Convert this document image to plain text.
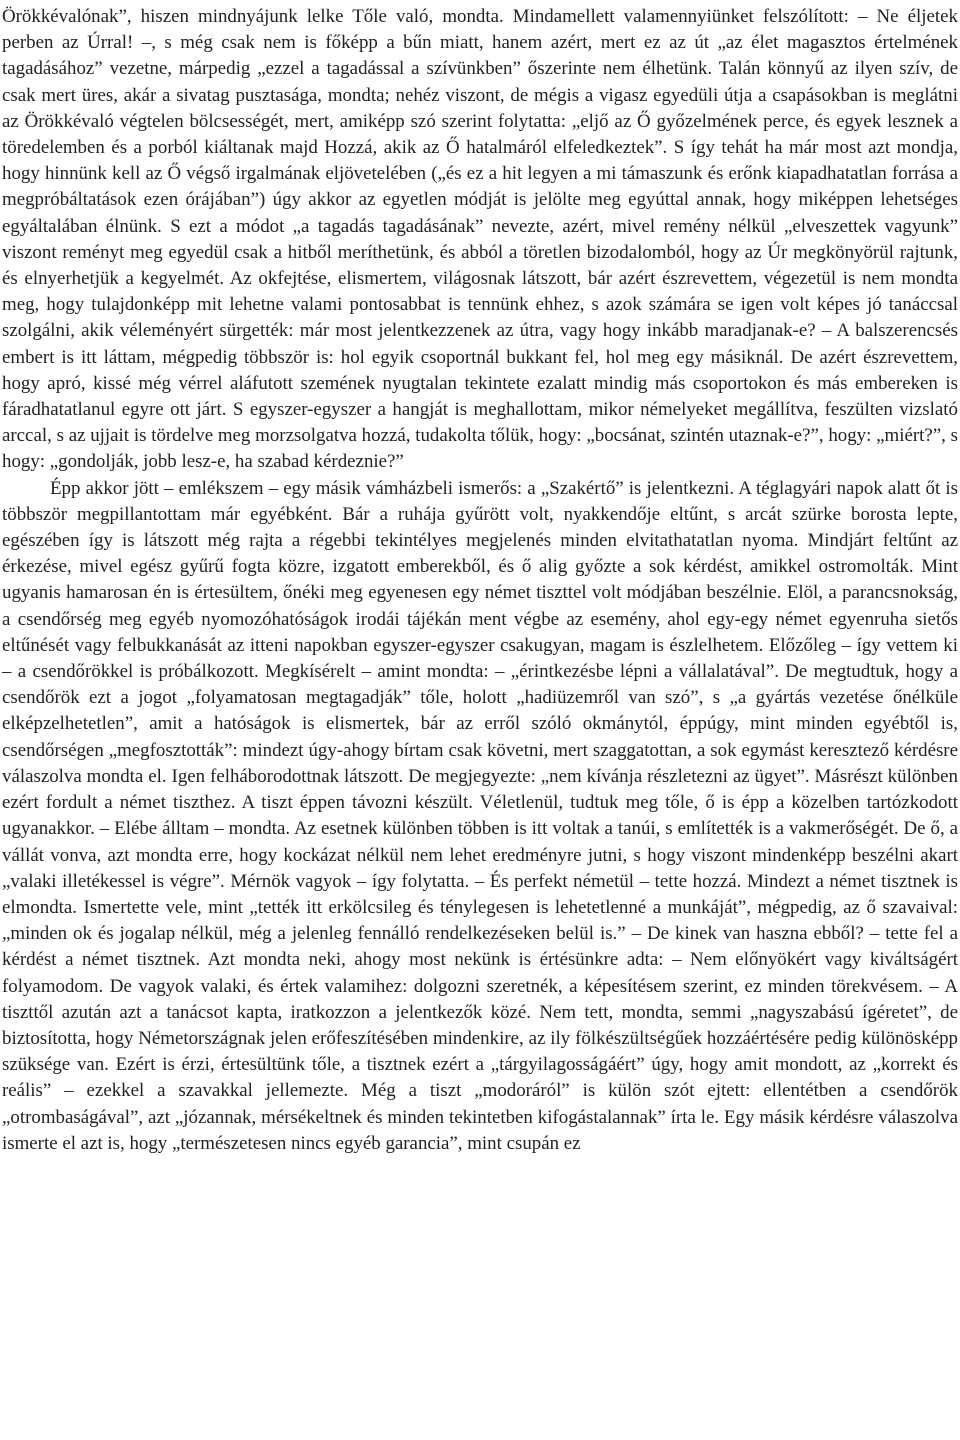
Örökkévalónak”, hiszen mindnyájunk lelke Tőle való, mondta. Mindamellett valamennyiünket felszólított: – Ne éljetek perben az Úrral! –, s még csak nem is főképp a bűn miatt, hanem azért, mert ez az út „az élet magasztos értelmének tagadásához” vezetne, márpedig „ezzel a tagadással a szívünkben” őszerinte nem élhetünk. Talán könnyű az ilyen szív, de csak mert üres, akár a sivatag pusztasága, mondta; nehéz viszont, de mégis a vigasz egyedüli útja a csapásokban is meglátni az Örökkévaló végtelen bölcsességét, mert, amiképp szó szerint folytatta: „eljő az Ő győzelmének perce, és egyek lesznek a töredelemben és a porból kiáltanak majd Hozzá, akik az Ő hatalmáról elfeledkeztek”. S így tehát ha már most azt mondja, hogy hinnünk kell az Ő végső irgalmának eljövetelében („és ez a hit legyen a mi támaszunk és erőnk kiapadhatatlan forrása a megpróbáltatások ezen órájában”) úgy akkor az egyetlen módját is jelölte meg egyúttal annak, hogy miképpen lehetséges egyáltalában élnünk. S ezt a módot „a tagadás tagadásának” nevezte, azért, mivel remény nélkül „elveszettek vagyunk” viszont reményt meg egyedül csak a hitből meríthetünk, és abból a töretlen bizodalomból, hogy az Úr megkönyörül rajtunk, és elnyerhetjük a kegyelmét. Az okfejtése, elismertem, világosnak látszott, bár azért észrevettem, végezetül is nem mondta meg, hogy tulajdonképp mit lehetne valami pontosabbat is tennünk ehhez, s azok számára se igen volt képes jó tanáccsal szolgálni, akik véleményért sürgették: már most jelentkezzenek az útra, vagy hogy inkább maradjanak-e? – A balszerencsés embert is itt láttam, mégpedig többször is: hol egyik csoportnál bukkant fel, hol meg egy másiknál. De azért észrevettem, hogy apró, kissé még vérrel aláfutott szemének nyugtalan tekintete ezalatt mindig más csoportokon és más embereken is fáradhatatlanul egyre ott járt. S egyszer-egyszer a hangját is meghallottam, mikor némelyeket megállítva, feszülten vizslató arccal, s az ujjait is tördelve meg morzsolgatva hozzá, tudakolta tőlük, hogy: „bocsánat, szintén utaznak-e?”, hogy: „miért?”, s hogy: „gondolják, jobb lesz-e, ha szabad kérdeznie?”

Épp akkor jött – emlékszem – egy másik vámházbeli ismerős: a „Szakértő” is jelentkezni. A téglagyári napok alatt őt is többször megpillantottam már egyébként. Bár a ruhája gyűrött volt, nyakkendője eltűnt, s arcát szürke borosta lepte, egészében így is látszott még rajta a régebbi tekintélyes megjelenés minden elvitathatatlan nyoma. Mindjárt feltűnt az érkezése, mivel egész gyűrű fogta közre, izgatott emberekből, és ő alig győzte a sok kérdést, amikkel ostromolták. Mint ugyanis hamarosan én is értesültem, őnéki meg egyenesen egy német tiszttel volt módjában beszélnie. Elöl, a parancsnokság, a csendőrség meg egyéb nyomozóhatóságok irodái tájékán ment végbe az esemény, ahol egy-egy német egyenruha sietős eltűnését vagy felbukkanását az itteni napokban egyszer-egyszer csakugyan, magam is észlelhetem. Előzőleg – így vettem ki – a csendőrökkel is próbálkozott. Megkísérelt – amint mondta: – „érintkezésbe lépni a vállalatával”. De megtudtuk, hogy a csendőrök ezt a jogot „folyamatosan megtagadják” tőle, holott „hadiüzemről van szó”, s „a gyártás vezetése őnélküle elképzelhetetlen”, amit a hatóságok is elismertek, bár az erről szóló okmánytól, éppúgy, mint minden egyébtől is, csendőrségen „megfosztották”: mindezt úgy-ahogy bírtam csak követni, mert szaggatottan, a sok egymást keresztező kérdésre válaszolva mondta el. Igen felháborodottnak látszott. De megjegyezte: „nem kívánja részletezni az ügyet”. Másrészt különben ezért fordult a német tiszthez. A tiszt éppen távozni készült. Véletlenül, tudtuk meg tőle, ő is épp a közelben tartózkodott ugyanakkor. – Elébe álltam – mondta. Az esetnek különben többen is itt voltak a tanúi, s említették is a vakmerőségét. De ő, a vállát vonva, azt mondta erre, hogy kockázat nélkül nem lehet eredményre jutni, s hogy viszont mindenképp beszélni akart „valaki illetékessel is végre”. Mérnök vagyok – így folytatta. – És perfekt németül – tette hozzá. Mindezt a német tisztnek is elmondta. Ismertette vele, mint „tették itt erkölcsileg és ténylegesen is lehetetlenné a munkáját”, mégpedig, az ő szavaival: „minden ok és jogalap nélkül, még a jelenleg fennálló rendelkezéseken belül is.” – De kinek van haszna ebből? – tette fel a kérdést a német tisztnek. Azt mondta neki, ahogy most nekünk is értésünkre adta: – Nem előnyökért vagy kiváltságért folyamodom. De vagyok valaki, és értek valamihez: dolgozni szeretnék, a képesítésem szerint, ez minden törekvésem. – A tiszttől azután azt a tanácsot kapta, iratkozzon a jelentkezők közé. Nem tett, mondta, semmi „nagyszabású ígéretet”, de biztosította, hogy Németországnak jelen erőfeszítésében mindenkire, az ily fölkészültségűek hozzáértésére pedig különösképp szüksége van. Ezért is érzi, értesültünk tőle, a tisztnek ezért a „tárgyilagosságáért” úgy, hogy amit mondott, az „korrekt és reális” – ezekkel a szavakkal jellemezte. Még a tiszt „modoráról” is külön szót ejtett: ellentétben a csendőrök „otrombaságával”, azt „józannak, mérsékeltnek és minden tekintetben kifogástalannak” írta le. Egy másik kérdésre válaszolva ismerte el azt is, hogy „természetesen nincs egyéb garancia”, mint csupán ez
